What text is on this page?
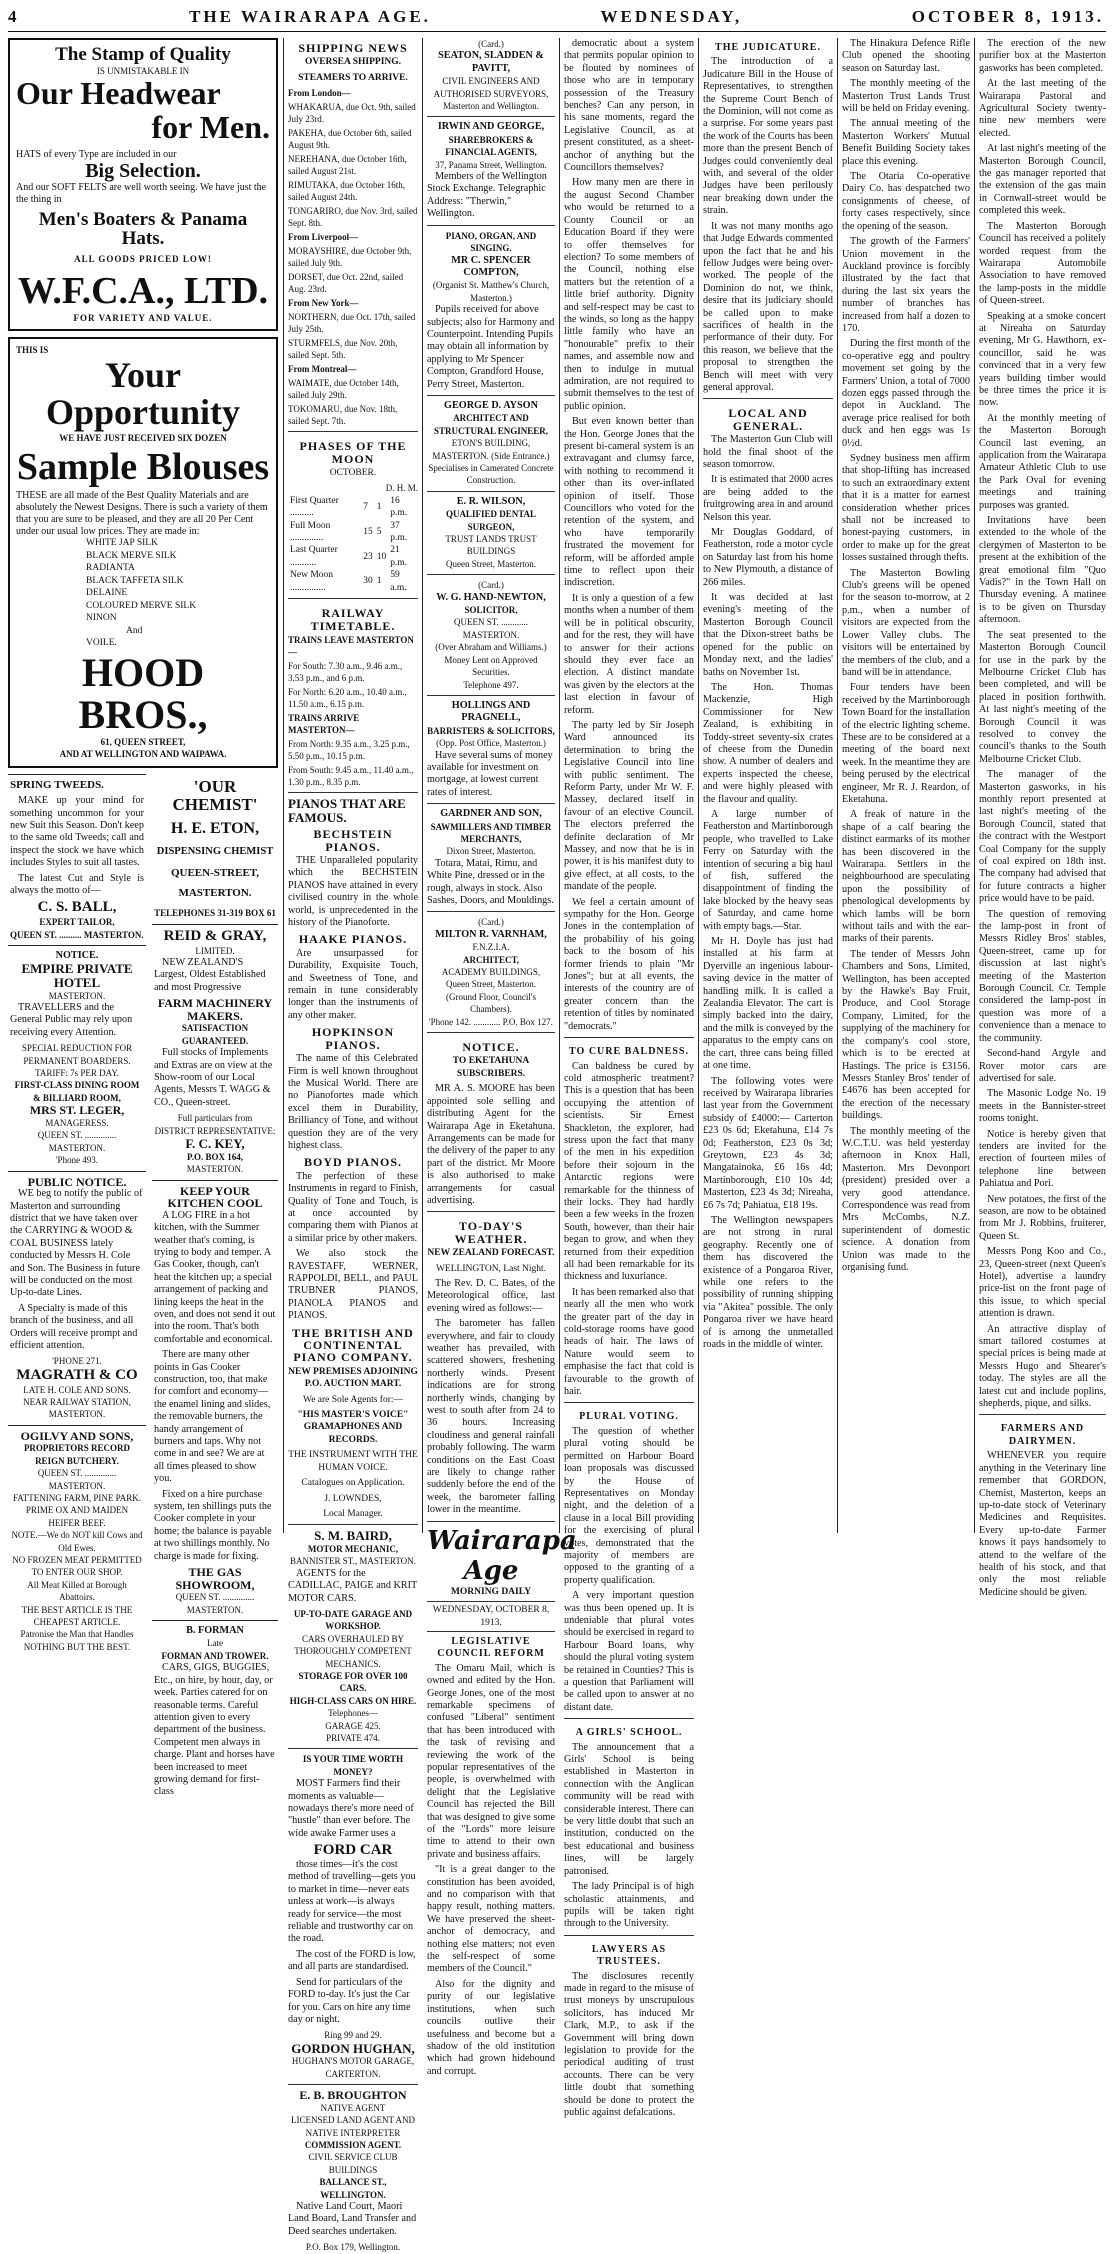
4	THE WAIRARAPA AGE.	WEDNESDAY,	OCTOBER 8, 1913.
The Stamp of Quality
IS UNMISTAKABLE IN
Our Headwear
for Men.
HATS of every Type are included in our
Big Selection.
And our SOFT FELTS are well worth seeing. We have just the the thing in
Men's Boaters & Panama Hats.
ALL GOODS PRICED LOW!
W.F.C.A., LTD.
FOR VARIETY AND VALUE.
THIS IS
Your Opportunity
WE HAVE JUST RECEIVED SIX DOZEN
Sample Blouses
THESE are all made of the Best Quality Materials and are absolutely the Newest Designs. There is such a variety of them that you are sure to be pleased, and they are all 20 Per Cent under our usual low prices. They are made in:
WHITE JAP SILK
BLACK MERVE SILK
RADIANTA
BLACK TAFFETA SILK
DELAINE
COLOURED MERVE SILK
NINON
And
VOILE.
HOOD BROS.,
61, QUEEN STREET,
AND AT WELLINGTON AND WAIPAWA.
SPRING TWEEDS.

MAKE up your mind for something uncommon for your new Suit this Season. Don't keep to the same old Tweeds; call and inspect the stock we have which includes Styles to suit all tastes.

The latest Cut and Style is always the motto of—

C. S. BALL,
EXPERT TAILOR,
QUEEN ST. .......... MASTERTON.
NOTICE.
EMPIRE PRIVATE HOTEL
MASTERTON.

TRAVELLERS and the General Public may rely upon receiving every Attention.

SPECIAL REDUCTION FOR PERMANENT BOARDERS.
TARIFF: 7s PER DAY.
FIRST-CLASS DINING ROOM & BILLIARD ROOM,
MRS ST. LEGER,
MANAGERESS.
QUEEN ST. .............. MASTERTON.
'Phone 493.
PUBLIC NOTICE.

WE beg to notify the public of Masterton and surrounding district that we have taken over the CARRYING & WOOD & COAL BUSINESS lately conducted by Messrs H. Cole and Son. The Business in future will be conducted on the most Up-to-date Lines.

A Specialty is made of this branch of the business, and all Orders will receive prompt and efficient attention.

'PHONE 271.
MAGRATH & CO
LATE H. COLE AND SONS.
NEAR RAILWAY STATION,
MASTERTON.
OGILVY AND SONS,
PROPRIETORS RECORD REIGN BUTCHERY.
QUEEN ST. .............. MASTERTON.
FATTENING FARM, PINE PARK.
PRIME OX AND MAIDEN HEIFER BEEF.
NOTE.—We do NOT kill Cows and Old Ewes.
NO FROZEN MEAT PERMITTED TO ENTER OUR SHOP.
All Meat Killed at Borough Abattoirs.
THE BEST ARTICLE IS THE CHEAPEST ARTICLE.
Patronise the Man that Handles NOTHING BUT THE BEST.
'OUR CHEMIST'
H. E. ETON,
DISPENSING CHEMIST
QUEEN-STREET,
MASTERTON.
TELEPHONES 31-319 BOX 61
REID & GRAY,
LIMITED.

NEW ZEALAND'S Largest, Oldest Established and most Progressive

FARM MACHINERY MAKERS.
SATISFACTION GUARANTEED.

Full stocks of Implements and Extras are on view at the Show-room of our Local Agents, Messrs T. WAGG & CO., Queen-street.

Full particulars from
DISTRICT REPRESENTATIVE:
F. C. KEY,
P.O. BOX 164,
MASTERTON.
KEEP YOUR KITCHEN COOL

A LOG FIRE in a hot kitchen, with the Summer weather that's coming, is trying to body and temper. A Gas Cooker, though, can't heat the kitchen up; a special arrangement of packing and lining keeps the heat in the oven, and does not send it out into the room. That's both comfortable and economical.

There are many other points in Gas Cooker construction, too, that make for comfort and economy—the enamel lining and slides, the removable burners, the handy arrangement of burners and taps. Why not come in and see? We are at all times pleased to show you.

Fixed on a hire purchase system, ten shillings puts the Cooker complete in your home; the balance is payable at two shillings monthly. No charge is made for fixing.

THE GAS SHOWROOM,
QUEEN ST. .............. MASTERTON.
B. FORMAN
Late
FORMAN AND TROWER.

CARS, GIGS, BUGGIES, Etc., on hire, by hour, day, or week. Parties catered for on reasonable terms. Careful attention given to every department of the business. Competent men always in charge. Plant and horses have been increased to meet growing demand for first-class

SHIPPING NEWS
OVERSEA SHIPPING.
STEAMERS TO ARRIVE.
From London—
WHAKARUA, due Oct. 9th, sailed July 23rd.
PAKEHA, due October 6th, sailed August 9th.
NEREHANA, due October 16th, sailed August 21st.
RIMUTAKA, due October 16th, sailed August 24th.
TONGARIRO, due Nov. 3rd, sailed Sept. 8th.
From Liverpool—
MORAYSHIRE, due October 9th, sailed July 9th.
DORSET, due Oct. 22nd, sailed Aug. 23rd.
From New York—
NORTHERN, due Oct. 17th, sailed July 25th.
STURMFELS, due Nov. 20th, sailed Sept. 5th.
From Montreal—
WAIMATE, due October 14th, sailed July 29th.
TOKOMARU, due Nov. 18th, sailed Sept. 7th.
PHASES OF THE MOON
OCTOBER.
D. H. M.
First Quarter ..........	7	1	16 p.m.
Full Moon ..............	15	5	37 p.m.
Last Quarter ...........	23	10	21 p.m.
New Moon ...............	30	1	59 a.m.
RAILWAY TIMETABLE.
TRAINS LEAVE MASTERTON—
For South: 7.30 a.m., 9.46 a.m., 3.53 p.m., and 6 p.m.
For North: 6.20 a.m., 10.40 a.m., 11.50 a.m., 6.15 p.m.
TRAINS ARRIVE MASTERTON—
From North: 9.35 a.m., 3.25 p.m., 5.50 p.m., 10.15 p.m.
From South: 9.45 a.m., 11.40 a.m., 1.30 p.m., 8.35 p.m.
PIANOS THAT ARE FAMOUS.
BECHSTEIN PIANOS.

THE Unparalleled popularity which the BECHSTEIN PIANOS have attained in every civilised country in the whole world, is unprecedented in the history of the Pianoforte.

HAAKE PIANOS.

Are unsurpassed for Durability, Exquisite Touch, and Sweetness of Tone, and remain in tune considerably longer than the instruments of any other maker.

HOPKINSON PIANOS.

The name of this Celebrated Firm is well known throughout the Musical World. There are no Pianofortes made which excel them in Durability, Brilliancy of Tone, and without question they are of the very highest class.

BOYD PIANOS.

The perfection of these Instruments in regard to Finish, Quality of Tone and Touch, is at once accounted by comparing them with Pianos at a similar price by other makers.

We also stock the RAVESTAFF, WERNER, RAPPOLDI, BELL, and PAUL TRUBNER PIANOS, PIANOLA PIANOS and PIANOS.

THE BRITISH AND CONTINENTAL PIANO COMPANY.
NEW PREMISES ADJOINING P.O. AUCTION MART.
We are Sole Agents for:—
"HIS MASTER'S VOICE" GRAMAPHONES AND RECORDS.
THE INSTRUMENT WITH THE HUMAN VOICE.
Catalogues on Application.
J. LOWNDES,
Local Manager.
S. M. BAIRD,
MOTOR MECHANIC,
BANNISTER ST., MASTERTON.

AGENTS for the CADILLAC, PAIGE and KRIT MOTOR CARS.

UP-TO-DATE GARAGE AND WORKSHOP.
CARS OVERHAULED BY THOROUGHLY COMPETENT MECHANICS.
STORAGE FOR OVER 100 CARS.
HIGH-CLASS CARS ON HIRE.
Telephones—
GARAGE 425.
PRIVATE 474.
IS YOUR TIME WORTH MONEY?

MOST Farmers find their moments as valuable—nowadays there's more need of "hustle" than ever before. The wide awake Farmer uses a

FORD CAR

those times—it's the cost method of travelling—gets you to market in time—never eats unless at work—is always ready for service—the most reliable and trustworthy car on the road.

The cost of the FORD is low, and all parts are standardised.

Send for particulars of the FORD to-day. It's just the Car for you. Cars on hire any time day or night.

Ring 99 and 29.
GORDON HUGHAN,
HUGHAN'S MOTOR GARAGE,
CARTERTON.
E. B. BROUGHTON
NATIVE AGENT
LICENSED LAND AGENT AND NATIVE INTERPRETER
COMMISSION AGENT.
CIVIL SERVICE CLUB BUILDINGS
BALLANCE ST., WELLINGTON.

Native Land Court, Maori Land Board, Land Transfer and Deed searches undertaken.

P.O. Box 179, Wellington.
(Card.)
SEATON, SLADDEN & PAVITT,
CIVIL ENGINEERS AND AUTHORISED SURVEYORS,
Masterton and Wellington.
IRWIN AND GEORGE,
SHAREBROKERS & FINANCIAL AGENTS,
37, Panama Street, Wellington.

Members of the Wellington Stock Exchange. Telegraphic Address: "Therwin," Wellington.

PIANO, ORGAN, AND SINGING.
MR C. SPENCER COMPTON,
(Organist St. Matthew's Church, Masterton.)

Pupils received for above subjects; also for Harmony and Counterpoint. Intending Pupils may obtain all information by applying to Mr Spencer Compton, Grandford House, Perry Street, Masterton.

GEORGE D. AYSON
ARCHITECT AND STRUCTURAL ENGINEER,
ETON'S BUILDING, MASTERTON. (Side Entrance.)
Specialises in Camerated Concrete Construction.
E. R. WILSON,
QUALIFIED DENTAL SURGEON,
TRUST LANDS TRUST BUILDINGS
Queen Street, Masterton.
(Card.)
W. G. HAND-NEWTON,
SOLICITOR,
QUEEN ST. ............ MASTERTON.
(Over Abraham and Williams.)
Money Lent on Approved Securities.
Telephone 497.
HOLLINGS AND PRAGNELL,
BARRISTERS & SOLICITORS,
(Opp. Post Office, Masterton.)

Have several sums of money available for investment on mortgage, at lowest current rates of interest.

GARDNER AND SON,
SAWMILLERS AND TIMBER MERCHANTS,
Dixon Street, Masterton.

Totara, Matai, Rimu, and White Pine, dressed or in the rough, always in stock. Also Sashes, Doors, and Mouldings.

(Card.)
MILTON R. VARNHAM,
F.N.Z.I.A.
ARCHITECT,
ACADEMY BUILDINGS,
Queen Street, Masterton.
(Ground Floor, Council's Chambers).
'Phone 142. ............ P.O. Box 127.
NOTICE.
TO EKETAHUNA SUBSCRIBERS.

MR A. S. MOORE has been appointed sole selling and distributing Agent for the Wairarapa Age in Eketahuna. Arrangements can be made for the delivery of the paper to any part of the district. Mr Moore is also authorised to make arrangements for casual advertising.

TO-DAY'S WEATHER.
NEW ZEALAND FORECAST.
WELLINGTON, Last Night.

The Rev. D. C. Bates, of the Meteorological office, last evening wired as follows:—

The barometer has fallen everywhere, and fair to cloudy weather has prevailed, with scattered showers, freshening northerly winds. Present indications are for strong northerly winds, changing by west to south after from 24 to 36 hours. Increasing cloudiness and general rainfall probably following. The warm conditions on the East Coast are likely to change rather suddenly before the end of the week, the barometer falling lower in the meantime.

Wairarapa Age
MORNING DAILY
WEDNESDAY, OCTOBER 8, 1913.
LEGISLATIVE COUNCIL REFORM

The Omaru Mail, which is owned and edited by the Hon. George Jones, one of the most remarkable specimens of confused "Liberal" sentiment that has been introduced with the task of revising and reviewing the work of the popular representatives of the people, is overwhelmed with delight that the Legislative Council has rejected the Bill that was designed to give some of the "Lords" more leisure time to attend to their own private and business affairs.

"It is a great danger to the constitution has been avoided, and no comparison with that happy result, nothing matters. We have preserved the sheet-anchor of democracy, and nothing else matters; not even the self-respect of some members of the Council."

Also for the dignity and purity of our legislative institutions, when such councils outlive their usefulness and become but a shadow of the old institution which had grown hidebound and corrupt.

democratic about a system that permits popular opinion to be flouted by nominees of those who are in temporary possession of the Treasury benches? Can any person, in his sane moments, regard the Legislative Council, as at present constituted, as a sheet-anchor of anything but the Councillors themselves?

How many men are there in the august Second Chamber who would be returned to a County Council or an Education Board if they were to offer themselves for election? To some members of the Council, nothing else matters but the retention of a little brief authority. Dignity and self-respect may be cast to the winds, so long as the happy little family who have an "honourable" prefix to their names, and assemble now and then to indulge in mutual admiration, are not required to submit themselves to the test of public opinion.

But even known better than the Hon. George Jones that the present bi-cameral system is an extravagant and clumsy farce, with nothing to recommend it other than its over-inflated opinion of itself. Those Councillors who voted for the retention of the system, and who have temporarily frustrated the movement for reform, will be afforded ample time to reflect upon their indiscretion.

It is only a question of a few months when a number of them will be in political obscurity, and for the rest, they will have to answer for their actions should they ever face an election. A distinct mandate was given by the electors at the last election in favour of reform.

The party led by Sir Joseph Ward announced its determination to bring the Legislative Council into line with public sentiment. The Reform Party, under Mr W. F. Massey, declared itself in favour of an elective Council. The electors preferred the definite declaration of Mr Massey, and now that he is in power, it is his manifest duty to give effect, at all costs, to the mandate of the people.

We feel a certain amount of sympathy for the Hon. George Jones in the contemplation of the probability of his going back to the bosom of his former friends to plain "Mr Jones"; but at all events, the interests of the country are of greater concern than the retention of titles by nominated "democrats."

TO CURE BALDNESS.

Can baldness be cured by cold atmospheric treatment? This is a question that has been occupying the attention of scientists. Sir Ernest Shackleton, the explorer, had stress upon the fact that many of the men in his expedition before their sojourn in the Antarctic regions were remarkable for the thinness of their locks. They had hardly been a few weeks in the frozen South, however, than their hair began to grow, and when they returned from their expedition all had been remarkable for its thickness and luxuriance.

It has been remarked also that nearly all the men who work the greater part of the day in cold-storage rooms have good heads of hair. The laws of Nature would seem to emphasise the fact that cold is favourable to the growth of hair.

PLURAL VOTING.

The question of whether plural voting should be permitted on Harbour Board loan proposals was discussed by the House of Representatives on Monday night, and the deletion of a clause in a local Bill providing for the exercising of plural votes, demonstrated that the majority of members are opposed to the granting of a property qualification.

A very important question was thus been opened up. It is undeniable that plural votes should be exercised in regard to Harbour Board loans, why should the plural voting system be retained in Counties? This is a question that Parliament will be called upon to answer at no distant date.

A GIRLS' SCHOOL.

The announcement that a Girls' School is being established in Masterton in connection with the Anglican community will be read with considerable interest. There can be very little doubt that such an institution, conducted on the best educational and business lines, will be largely patronised.

The lady Principal is of high scholastic attainments, and pupils will be taken right through to the University.

LAWYERS AS TRUSTEES.

The disclosures recently made in regard to the misuse of trust moneys by unscrupulous solicitors, has induced Mr Clark, M.P., to ask if the Government will bring down legislation to provide for the periodical auditing of trust accounts. There can be very little doubt that something should be done to protect the public against defalcations.

THE JUDICATURE.

The introduction of a Judicature Bill in the House of Representatives, to strengthen the Supreme Court Bench of the Dominion, will not come as a surprise. For some years past the work of the Courts has been more than the present Bench of Judges could conveniently deal with, and several of the older Judges have been perilously near breaking down under the strain.

It was not many months ago that Judge Edwards commented upon the fact that he and his fellow Judges were being over-worked. The people of the Dominion do not, we think, desire that its judiciary should be called upon to make sacrifices of health in the performance of their duty. For this reason, we believe that the proposal to strengthen the Bench will meet with very general approval.

LOCAL AND GENERAL.

The Masterton Gun Club will hold the final shoot of the season tomorrow.

It is estimated that 2000 acres are being added to the fruitgrowing area in and around Nelson this year.

Mr Douglas Goddard, of Featherston, rode a motor cycle on Saturday last from his home to New Plymouth, a distance of 266 miles.

It was decided at last evening's meeting of the Masterton Borough Council that the Dixon-street baths be opened for the public on Monday next, and the ladies' baths on November 1st.

The Hon. Thomas Mackenzie, High Commissioner for New Zealand, is exhibiting in Toddy-street seventy-six crates of cheese from the Dunedin show. A number of dealers and experts inspected the cheese, and were highly pleased with the flavour and quality.

A large number of Featherston and Martinborough people, who travelled to Lake Ferry on Saturday with the intention of securing a big haul of fish, suffered the disappointment of finding the lake blocked by the heavy seas of Saturday, and came home with empty bags.—Star.

Mr H. Doyle has just had installed at his farm at Dyerville an ingenious labour-saving device in the matter of handling milk. It is called a Zealandia Elevator. The cart is simply backed into the dairy, and the milk is conveyed by the apparatus to the empty cans on the cart, three cans being filled at one time.

The following votes were received by Wairarapa libraries last year from the Government subsidy of £4000:— Carterton £23 0s 6d; Eketahuna, £14 7s 0d; Featherston, £23 0s 3d; Greytown, £23 4s 3d; Mangatainoka, £6 16s 4d; Martinborough, £10 10s 4d; Masterton, £23 4s 3d; Nireaha, £6 7s 7d; Pahiatua, £18 19s.

The Wellington newspapers are not strong in rural geography. Recently one of them has discovered the existence of a Pongaroa River, while one refers to the possibility of running shipping via "Akitea" possible. The only Pongaroa river we have heard of is among the unmetalled roads in the middle of winter.

The Hinakura Defence Rifle Club opened the shooting season on Saturday last.

The monthly meeting of the Masterton Trust Lands Trust will be held on Friday evening.

The annual meeting of the Masterton Workers' Mutual Benefit Building Society takes place this evening.

The Otaria Co-operative Dairy Co. has despatched two consignments of cheese, of forty cases respectively, since the opening of the season.

The growth of the Farmers' Union movement in the Auckland province is forcibly illustrated by the fact that during the last six years the number of branches has increased from half a dozen to 170.

During the first month of the co-operative egg and poultry movement set going by the Farmers' Union, a total of 7000 dozen eggs passed through the depot in Auckland. The average price realised for both duck and hen eggs was 1s 0½d.

Sydney business men affirm that shop-lifting has increased to such an extraordinary extent that it is a matter for earnest consideration whether prices shall not be increased to honest-paying customers, in order to make up for the great losses sustained through thefts.

The Masterton Bowling Club's greens will be opened for the season to-morrow, at 2 p.m., when a number of visitors are expected from the Lower Valley clubs. The visitors will be entertained by the members of the club, and a band will be in attendance.

Four tenders have been received by the Martinborough Town Board for the installation of the electric lighting scheme. These are to be considered at a meeting of the board next week. In the meantime they are being perused by the electrical engineer, Mr R. J. Reardon, of Eketahuna.

A freak of nature in the shape of a calf bearing the distinct earmarks of its mother has been discovered in the Wairarapa. Settlers in the neighbourhood are speculating upon the possibility of phenological developments by which lambs will be born without tails and with the ear-marks of their parents.

The tender of Messrs John Chambers and Sons, Limited, Wellington, has been accepted by the Hawke's Bay Fruit, Produce, and Cool Storage Company, Limited, for the supplying of the machinery for the company's cool store, which is to be erected at Hastings. The price is £3156. Messrs Stanley Bros' tender of £4676 has been accepted for the erection of the necessary buildings.

The monthly meeting of the W.C.T.U. was held yesterday afternoon in Knox Hall, Masterton. Mrs Devonport (president) presided over a very good attendance. Correspondence was read from Mrs McCombs, N.Z. superintendent of domestic science. A donation from Union was made to the organising fund.

The erection of the new purifier box at the Masterton gasworks has been completed.

At the last meeting of the Wairarapa Pastoral and Agricultural Society twenty-nine new members were elected.

At last night's meeting of the Masterton Borough Council, the gas manager reported that the extension of the gas main in Cornwall-street would be completed this week.

The Masterton Borough Council has received a politely worded request from the Wairarapa Automobile Association to have removed the lamp-posts in the middle of Queen-street.

Speaking at a smoke concert at Nireaha on Saturday evening, Mr G. Hawthorn, ex-councillor, said he was convinced that in a very few years building timber would be three times the price it is now.

At the monthly meeting of the Masterton Borough Council last evening, an application from the Wairarapa Amateur Athletic Club to use the Park Oval for evening meetings and training purposes was granted.

Invitations have been extended to the whole of the clergymen of Masterton to be present at the exhibition of the great emotional film "Quo Vadis?" in the Town Hall on Thursday evening. A matinee is to be given on Thursday afternoon.

The seat presented to the Masterton Borough Council for use in the park by the Melbourne Cricket Club has been completed, and will be placed in position forthwith. At last night's meeting of the Borough Council it was resolved to convey the council's thanks to the South Melbourne Cricket Club.

The manager of the Masterton gasworks, in his monthly report presented at last night's meeting of the Borough Council, stated that the contract with the Westport Coal Company for the supply of coal expired on 18th inst. The company had advised that for future contracts a higher price would have to be paid.

The question of removing the lamp-post in front of Messrs Ridley Bros' stables, Queen-street, came up for discussion at last night's meeting of the Masterton Borough Council. Cr. Temple considered the lamp-post in question was more of a convenience than a menace to the community.

Second-hand Argyle and Rover motor cars are advertised for sale.

The Masonic Lodge No. 19 meets in the Bannister-street rooms tonight.

Notice is hereby given that tenders are invited for the erection of fourteen miles of telephone line between Pahiatua and Pori.

New potatoes, the first of the season, are now to be obtained from Mr J. Robbins, fruiterer, Queen St.

Messrs Pong Koo and Co., 23, Queen-street (next Queen's Hotel), advertise a laundry price-list on the front page of this issue, to which special attention is drawn.

An attractive display of smart tailored costumes at special prices is being made at Messrs Hugo and Shearer's today. The styles are all the latest cut and include poplins, shepherds, pique, and silks.

FARMERS AND DAIRYMEN.

WHENEVER you require anything in the Veterinary line remember that GORDON, Chemist, Masterton, keeps an up-to-date stock of Veterinary Medicines and Requisites. Every up-to-date Farmer knows it pays handsomely to attend to the welfare of the health of his stock, and that only the most reliable Medicine should be given.
